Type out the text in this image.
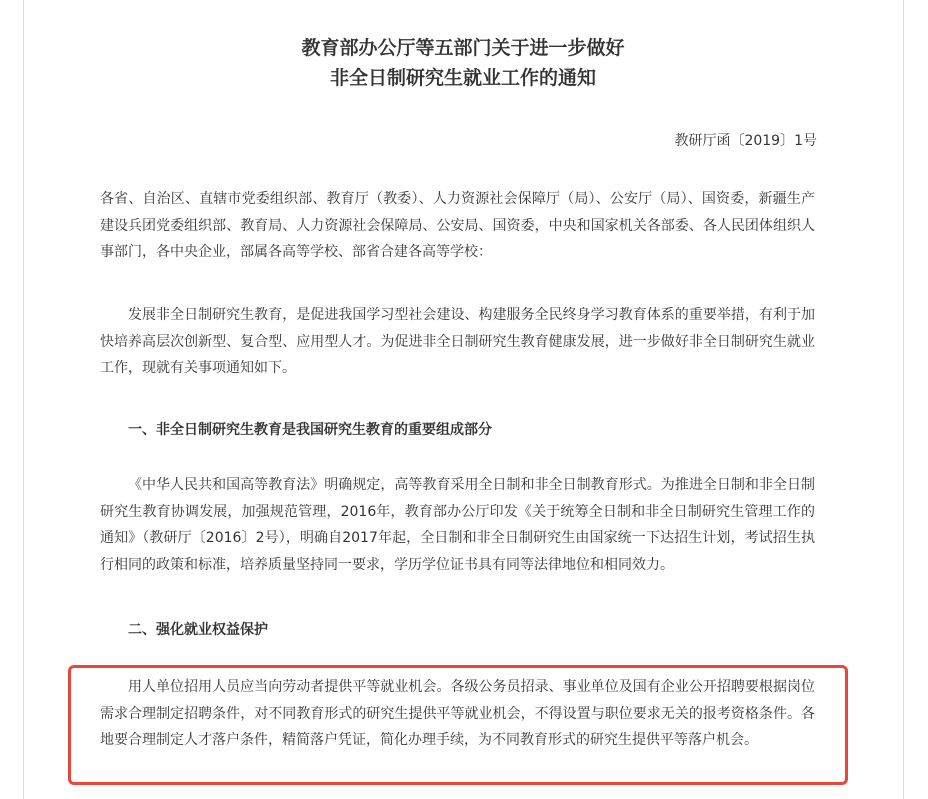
教育部办公厅等五部门关于进一步做好
非全日制研究生就业工作的通知
教研厅函〔2019〕1号

各省、自治区、直辖市党委组织部、教育厅（教委）、人力资源社会保障厅（局）、公安厅（局）、国资委，新疆生产建设兵团党委组织部、教育局、人力资源社会保障局、公安局、国资委，中央和国家机关各部委、各人民团体组织人事部门，各中央企业，部属各高等学校、部省合建各高等学校：

发展非全日制研究生教育，是促进我国学习型社会建设、构建服务全民终身学习教育体系的重要举措，有利于加快培养高层次创新型、复合型、应用型人才。为促进非全日制研究生教育健康发展，进一步做好非全日制研究生就业工作，现就有关事项通知如下。

一、非全日制研究生教育是我国研究生教育的重要组成部分

《中华人民共和国高等教育法》明确规定，高等教育采用全日制和非全日制教育形式。为推进全日制和非全日制研究生教育协调发展，加强规范管理，2016年，教育部办公厅印发《关于统筹全日制和非全日制研究生管理工作的通知》（教研厅〔2016〕2号），明确自2017年起，全日制和非全日制研究生由国家统一下达招生计划，考试招生执行相同的政策和标准，培养质量坚持同一要求，学历学位证书具有同等法律地位和相同效力。

二、强化就业权益保护

用人单位招用人员应当向劳动者提供平等就业机会。各级公务员招录、事业单位及国有企业公开招聘要根据岗位需求合理制定招聘条件，对不同教育形式的研究生提供平等就业机会，不得设置与职位要求无关的报考资格条件。各地要合理制定人才落户条件，精简落户凭证，简化办理手续，为不同教育形式的研究生提供平等落户机会。
